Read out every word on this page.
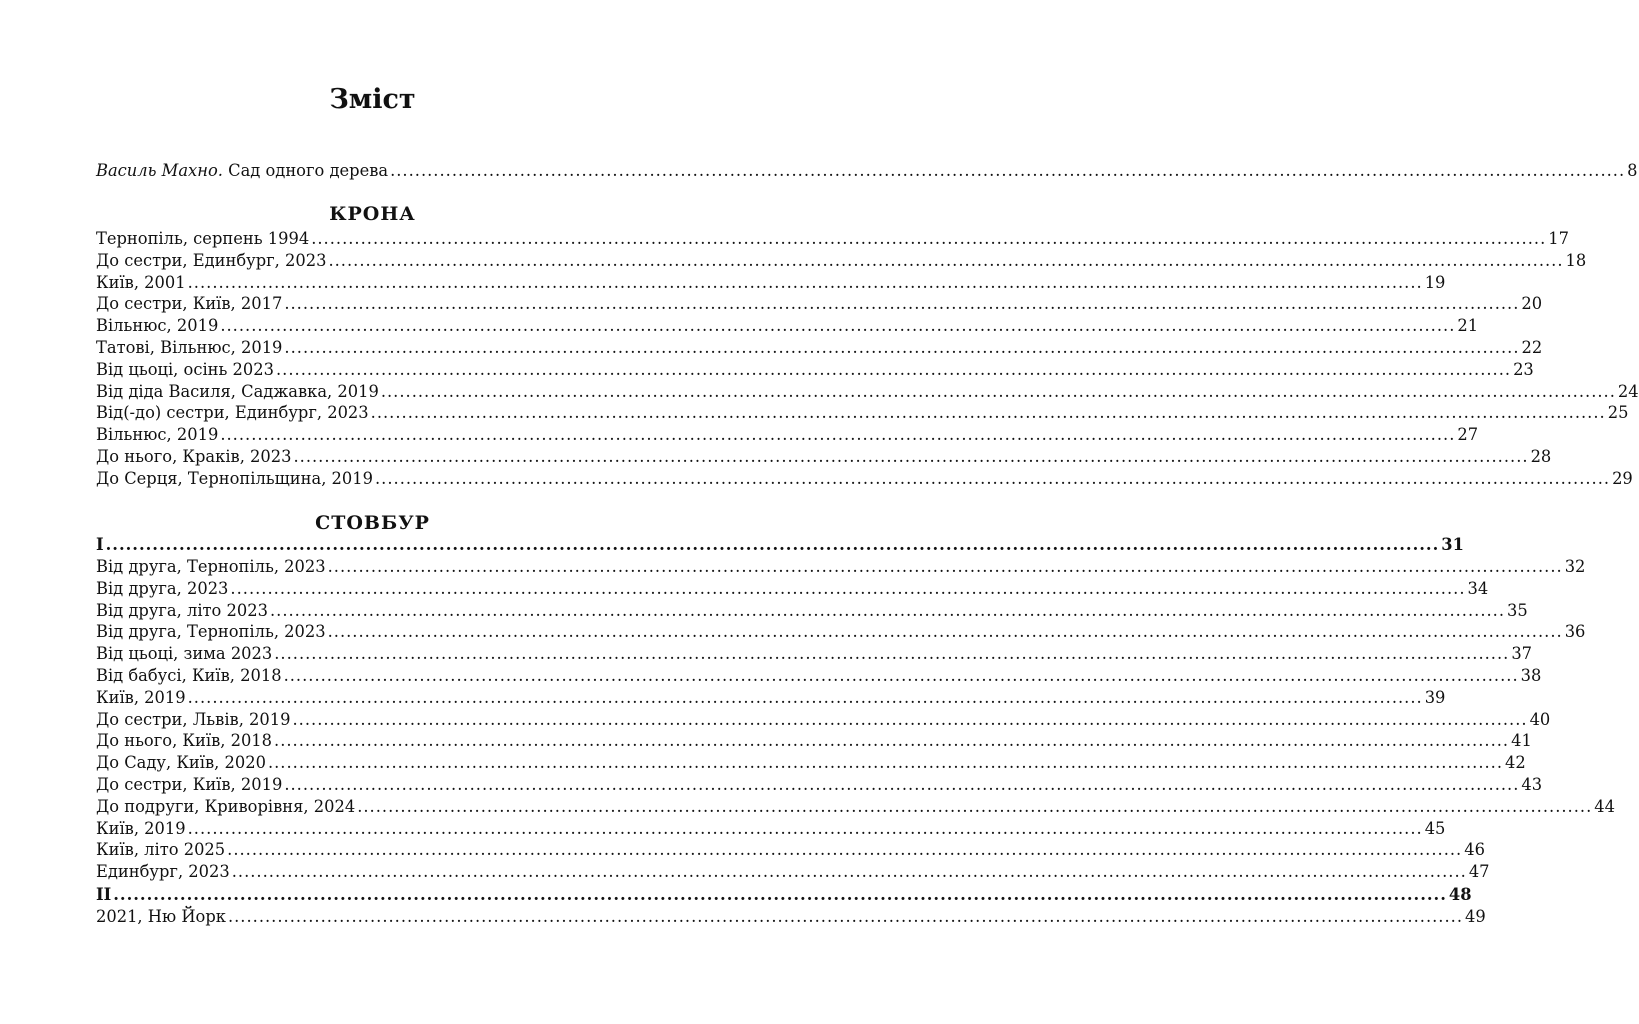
Зміст
Василь Махно. Сад одного дерева ........................................................................................................................................................................................................ 8
КРОНА
Тернопіль, серпень 1994 ........................................................................................................................................................................................................ 17
До сестри, Единбург, 2023 ........................................................................................................................................................................................................ 18
Київ, 2001 ........................................................................................................................................................................................................ 19
До сестри, Київ, 2017 ........................................................................................................................................................................................................ 20
Вільнюс, 2019 ........................................................................................................................................................................................................ 21
Татові, Вільнюс, 2019 ........................................................................................................................................................................................................ 22
Від цьоці, осінь 2023 ........................................................................................................................................................................................................ 23
Від діда Василя, Саджавка, 2019 ........................................................................................................................................................................................................ 24
Від(-до) сестри, Единбург, 2023 ........................................................................................................................................................................................................ 25
Вільнюс, 2019 ........................................................................................................................................................................................................ 27
До нього, Краків, 2023 ........................................................................................................................................................................................................ 28
До Серця, Тернопільщина, 2019 ........................................................................................................................................................................................................ 29
СТОВБУР
І ........................................................................................................................................................................................................ 31
Від друга, Тернопіль, 2023 ........................................................................................................................................................................................................ 32
Від друга, 2023 ........................................................................................................................................................................................................ 34
Від друга, літо 2023 ........................................................................................................................................................................................................ 35
Від друга, Тернопіль, 2023 ........................................................................................................................................................................................................ 36
Від цьоці, зима 2023 ........................................................................................................................................................................................................ 37
Від бабусі, Київ, 2018 ........................................................................................................................................................................................................ 38
Київ, 2019 ........................................................................................................................................................................................................ 39
До сестри, Львів, 2019 ........................................................................................................................................................................................................ 40
До нього, Київ, 2018 ........................................................................................................................................................................................................ 41
До Саду, Київ, 2020 ........................................................................................................................................................................................................ 42
До сестри, Київ, 2019 ........................................................................................................................................................................................................ 43
До подруги, Криворівня, 2024 ........................................................................................................................................................................................................ 44
Київ, 2019 ........................................................................................................................................................................................................ 45
Київ, літо 2025 ........................................................................................................................................................................................................ 46
Единбург, 2023 ........................................................................................................................................................................................................ 47
ІІ ........................................................................................................................................................................................................ 48
2021, Ню Йорк ........................................................................................................................................................................................................ 49
